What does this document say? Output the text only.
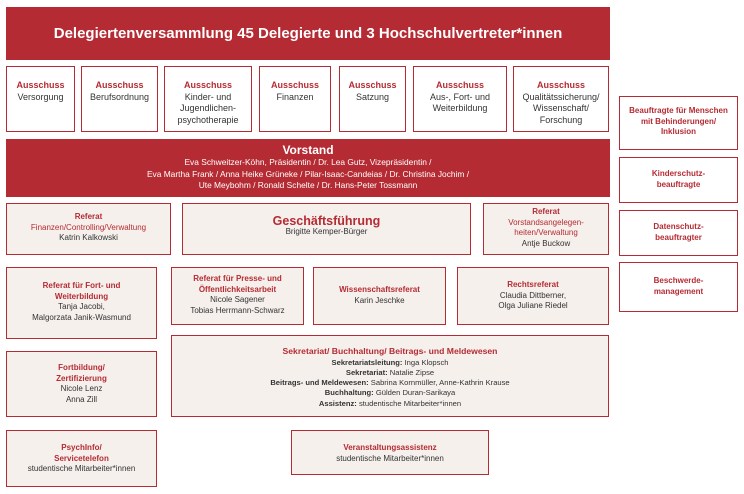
Delegiertenversammlung 45 Delegierte und 3 Hochschulvertreter*innen
Ausschuss
Versorgung
Ausschuss
Berufsordnung
Ausschuss
Kinder- und
Jugendlichen-
psychotherapie
Ausschuss
Finanzen
Ausschuss
Satzung
Ausschuss
Aus-, Fort- und
Weiterbildung
Ausschuss
Qualitätssicherung/
Wissenschaft/
Forschung
Vorstand
Eva Schweitzer-Köhn, Präsidentin / Dr. Lea Gutz, Vizepräsidentin /
Eva Martha Frank / Anna Heike Grüneke / Pilar-Isaac-Candeias / Dr. Christina Jochim /
Ute Meybohm / Ronald Schelte / Dr. Hans-Peter Tossmann
Beauftragte für Menschen
mit Behinderungen/
Inklusion
Kinderschutz-
beauftragte
Datenschutz-
beauftragter
Beschwerde-
management
Referat
Finanzen/Controlling/Verwaltung
Katrin Kalkowski
Geschäftsführung
Brigitte Kemper-Bürger
Referat
Vorstandsangelegen-
heiten/Verwaltung
Antje Buckow
Referat für Fort- und
Weiterbildung
Tanja Jacobi,
Malgorzata Janik-Wasmund
Referat für Presse- und
Öffentlichkeitsarbeit
Nicole Sagener
Tobias Herrmann-Schwarz
Wissenschaftsreferat
Karin Jeschke
Rechtsreferat
Claudia Dittberner,
Olga Juliane Riedel
Fortbildung/
Zertifizierung
Nicole Lenz
Anna Zill
Sekretariat/ Buchhaltung/ Beitrags- und Meldewesen
Sekretariatsleitung: Inga Klopsch
Sekretariat: Natalie Zipse
Beitrags- und Meldewesen: Sabrina Kornmüller, Anne-Kathrin Krause
Buchhaltung: Gülden Duran-Sarikaya
Assistenz: studentische Mitarbeiter*innen
PsychInfo/
Servicetelefon
studentische Mitarbeiter*innen
Veranstaltungsassistenz
studentische Mitarbeiter*innen
